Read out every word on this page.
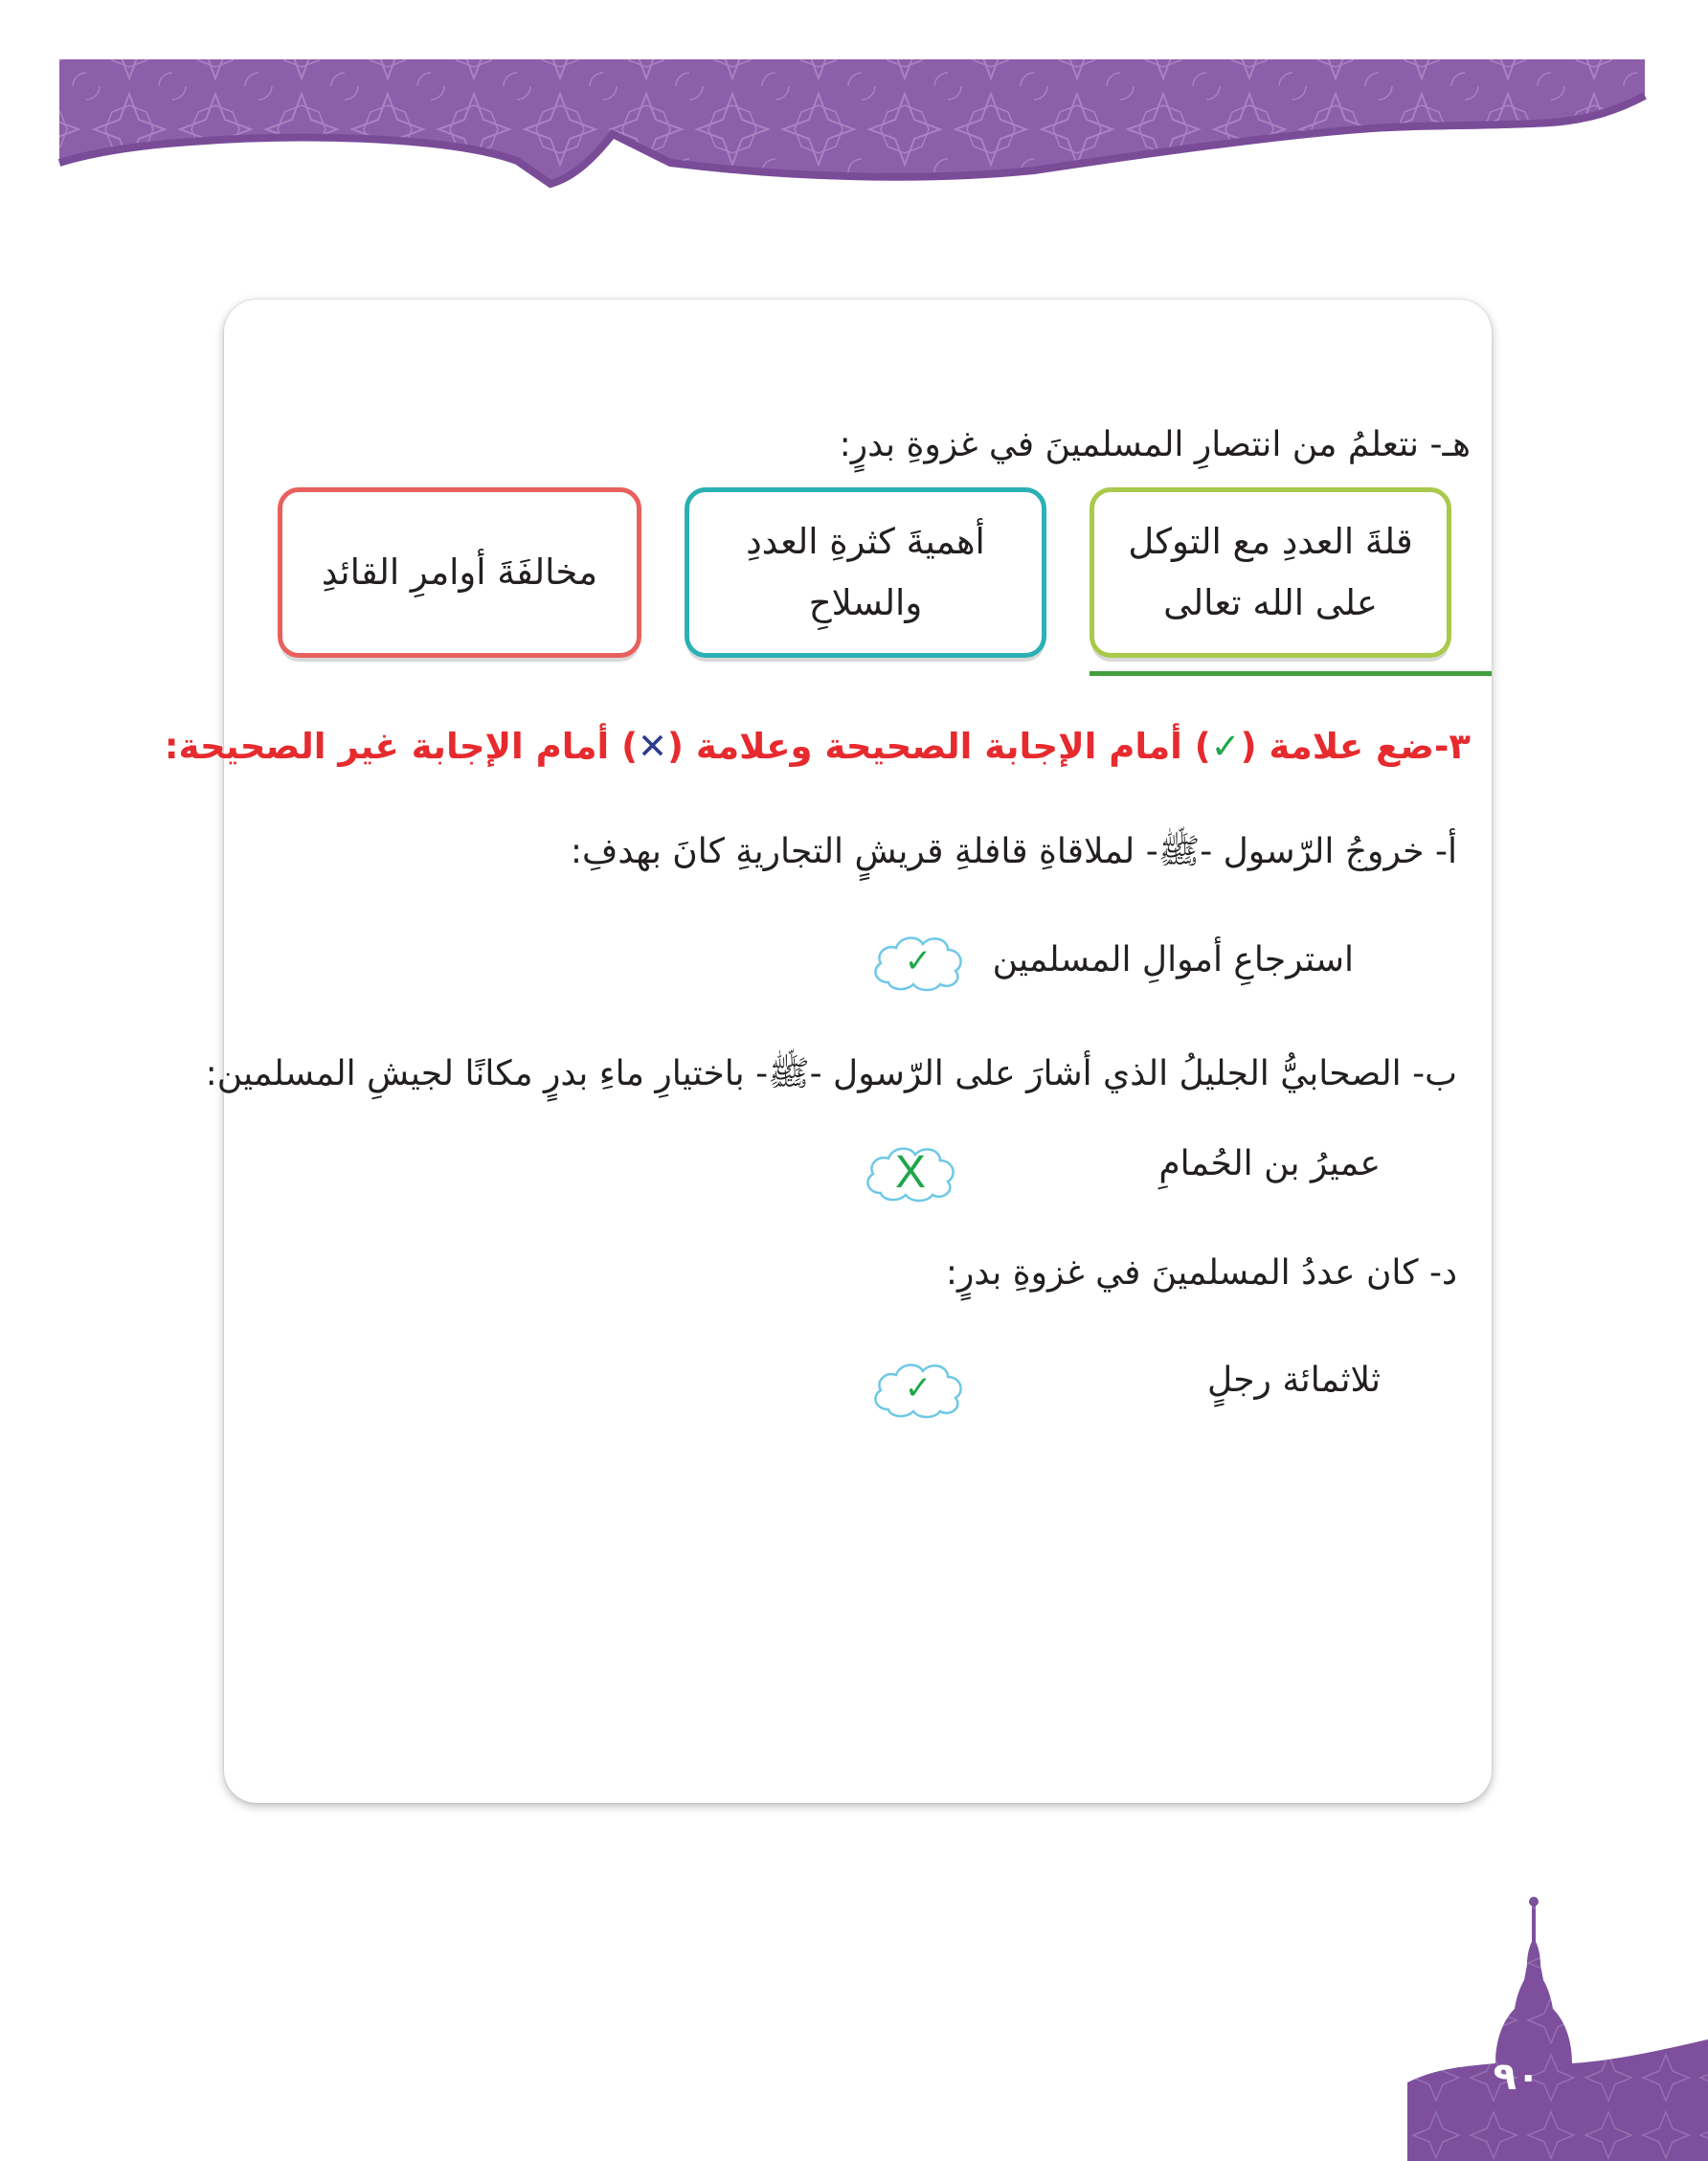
هـ- نتعلمُ من انتصارِ المسلمينَ في غزوةِ بدرٍ:
قلةَ العددِ مع التوكل
على الله تعالى
أهميةَ كثرةِ العددِ
والسلاحِ
مخالفَةَ أوامرِ القائدِ
٣-ضع علامة (✓) أمام الإجابة الصحيحة وعلامة (✕) أمام الإجابة غير الصحيحة:
أ- خروجُ الرّسول -ﷺ- لملاقاةِ قافلةِ قريشٍ التجاريةِ كانَ بهدفِ:
استرجاعِ أموالِ المسلمين
✓
ب- الصحابيُّ الجليلُ الذي أشارَ على الرّسول -ﷺ- باختيارِ ماءِ بدرٍ مكانًا لجيشِ المسلمين:
عميرُ بن الحُمامِ
X
د- كان عددُ المسلمينَ في غزوةِ بدرٍ:
ثلاثمائة رجلٍ
✓
٩٠
